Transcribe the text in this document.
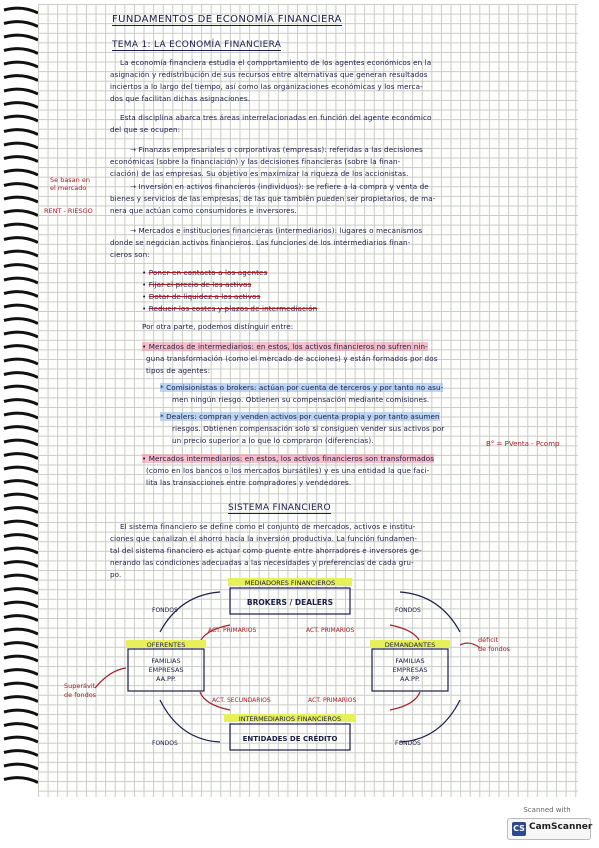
FUNDAMENTOS DE ECONOMÍA FINANCIERA
TEMA 1: LA ECONOMÍA FINANCIERA
La economía financiera estudia el comportamiento de los agentes económicos en la
asignación y redistribución de sus recursos entre alternativas que generan resultados
inciertos a lo largo del tiempo, así como las organizaciones económicas y los merca-
dos que facilitan dichas asignaciones.
Esta disciplina abarca tres áreas interrelacionadas en función del agente económico
del que se ocupen:
→ Finanzas empresariales o corporativas (empresas): referidas a las decisiones
económicas (sobre la financiación) y las decisiones financieras (sobre la finan-
ciación) de las empresas. Su objetivo es maximizar la riqueza de los accionistas.
Se basan en
el mercado
RENT - RIESGO
→ Inversión en activos financieros (individuos): se refiere a la compra y venta de
bienes y servicios de las empresas, de las que también pueden ser propietarios, de ma-
nera que actúan como consumidores e inversores.
→ Mercados e instituciones financieras (intermediarios): lugares o mecanismos
donde se negocian activos financieros. Las funciones de los intermediarios finan-
cieros son:
• Poner en contacto a los agentes
• Fijar el precio de los activos
• Dotar de liquidez a los activos
• Reducir los costes y plazos de intermediación
Por otra parte, podemos distinguir entre:
• Mercados de intermediarios: en estos, los activos financieros no sufren nin-
guna transformación (como el mercado de acciones) y están formados por dos
tipos de agentes:
* Comisionistas o brokers: actúan por cuenta de terceros y por tanto no asu-
men ningún riesgo. Obtienen su compensación mediante comisiones.
* Dealers: compran y venden activos por cuenta propia y por tanto asumen
riesgos. Obtienen compensación solo si consiguen vender sus activos por
un precio superior a lo que lo compraron (diferencias).	B° = PVenta - Pcomp
• Mercados intermediarios: en estos, los activos financieros son transformados
(como en los bancos o los mercados bursátiles) y es una entidad la que faci-
lita las transacciones entre compradores y vendedores.
SISTEMA FINANCIERO
El sistema financiero se define como el conjunto de mercados, activos e institu-
ciones que canalizan el ahorro hacia la inversión productiva. La función fundamen-
tal del sistema financiero es actuar como puente entre ahorradores e inversores ge-
nerando las condiciones adecuadas a las necesidades y preferencias de cada gru-
po.
MEDIADORES FINANCIEROS
BROKERS / DEALERS
OFERENTES
FAMILIAS
EMPRESAS
AA.PP.
DEMANDANTES
FAMILIAS
EMPRESAS
AA.PP.
INTERMEDIARIOS FINANCIEROS
ENTIDADES DE CRÉDITO
FONDOS	FONDOS
FONDOS	FONDOS
ACT. PRIMARIOS	ACT. PRIMARIOS
ACT. SECUNDARIOS	ACT. PRIMARIOS
Superávit
de fondos
déficit
de fondos
Scanned with
CS CamScanner
